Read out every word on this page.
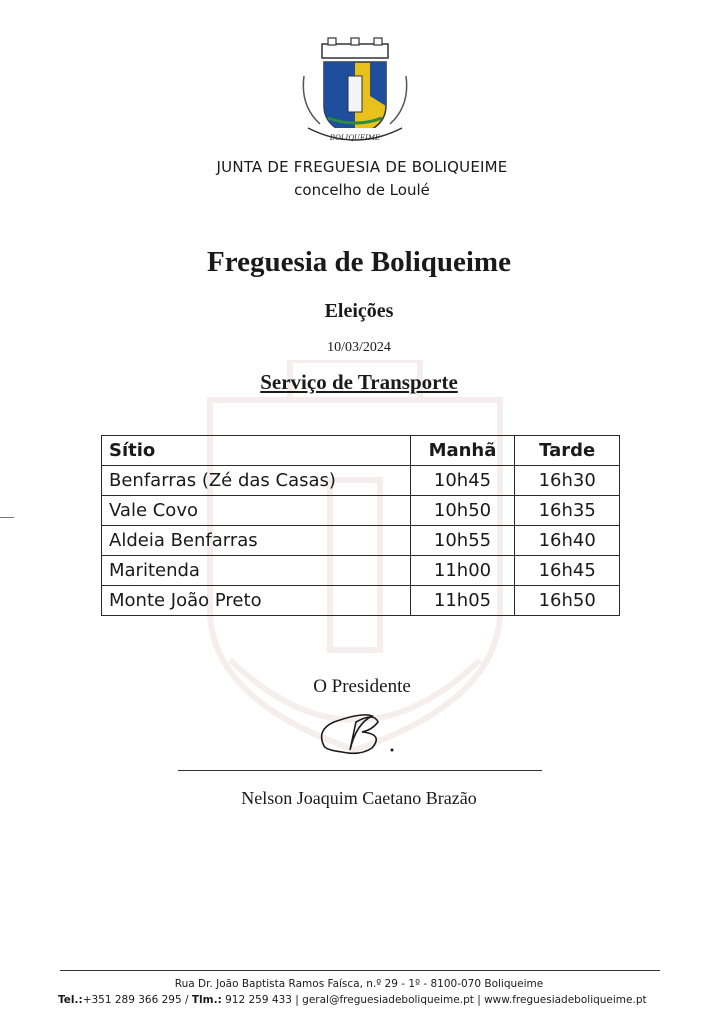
BOLIQUEIME
JUNTA DE FREGUESIA DE BOLIQUEIME
concelho de Loulé
Freguesia de Boliqueime
Eleições
10/03/2024
Serviço de Transporte
Sítio	Manhã	Tarde
Benfarras (Zé das Casas)	10h45	16h30
Vale Covo	10h50	16h35
Aldeia Benfarras	10h55	16h40
Maritenda	11h00	16h45
Monte João Preto	11h05	16h50
O Presidente
Nelson Joaquim Caetano Brazão
Rua Dr. João Baptista Ramos Faísca, n.º 29 - 1º - 8100-070 Boliqueime
Tel.:+351 289 366 295 / Tlm.: 912 259 433 | geral@freguesiadeboliqueime.pt | www.freguesiadeboliqueime.pt
